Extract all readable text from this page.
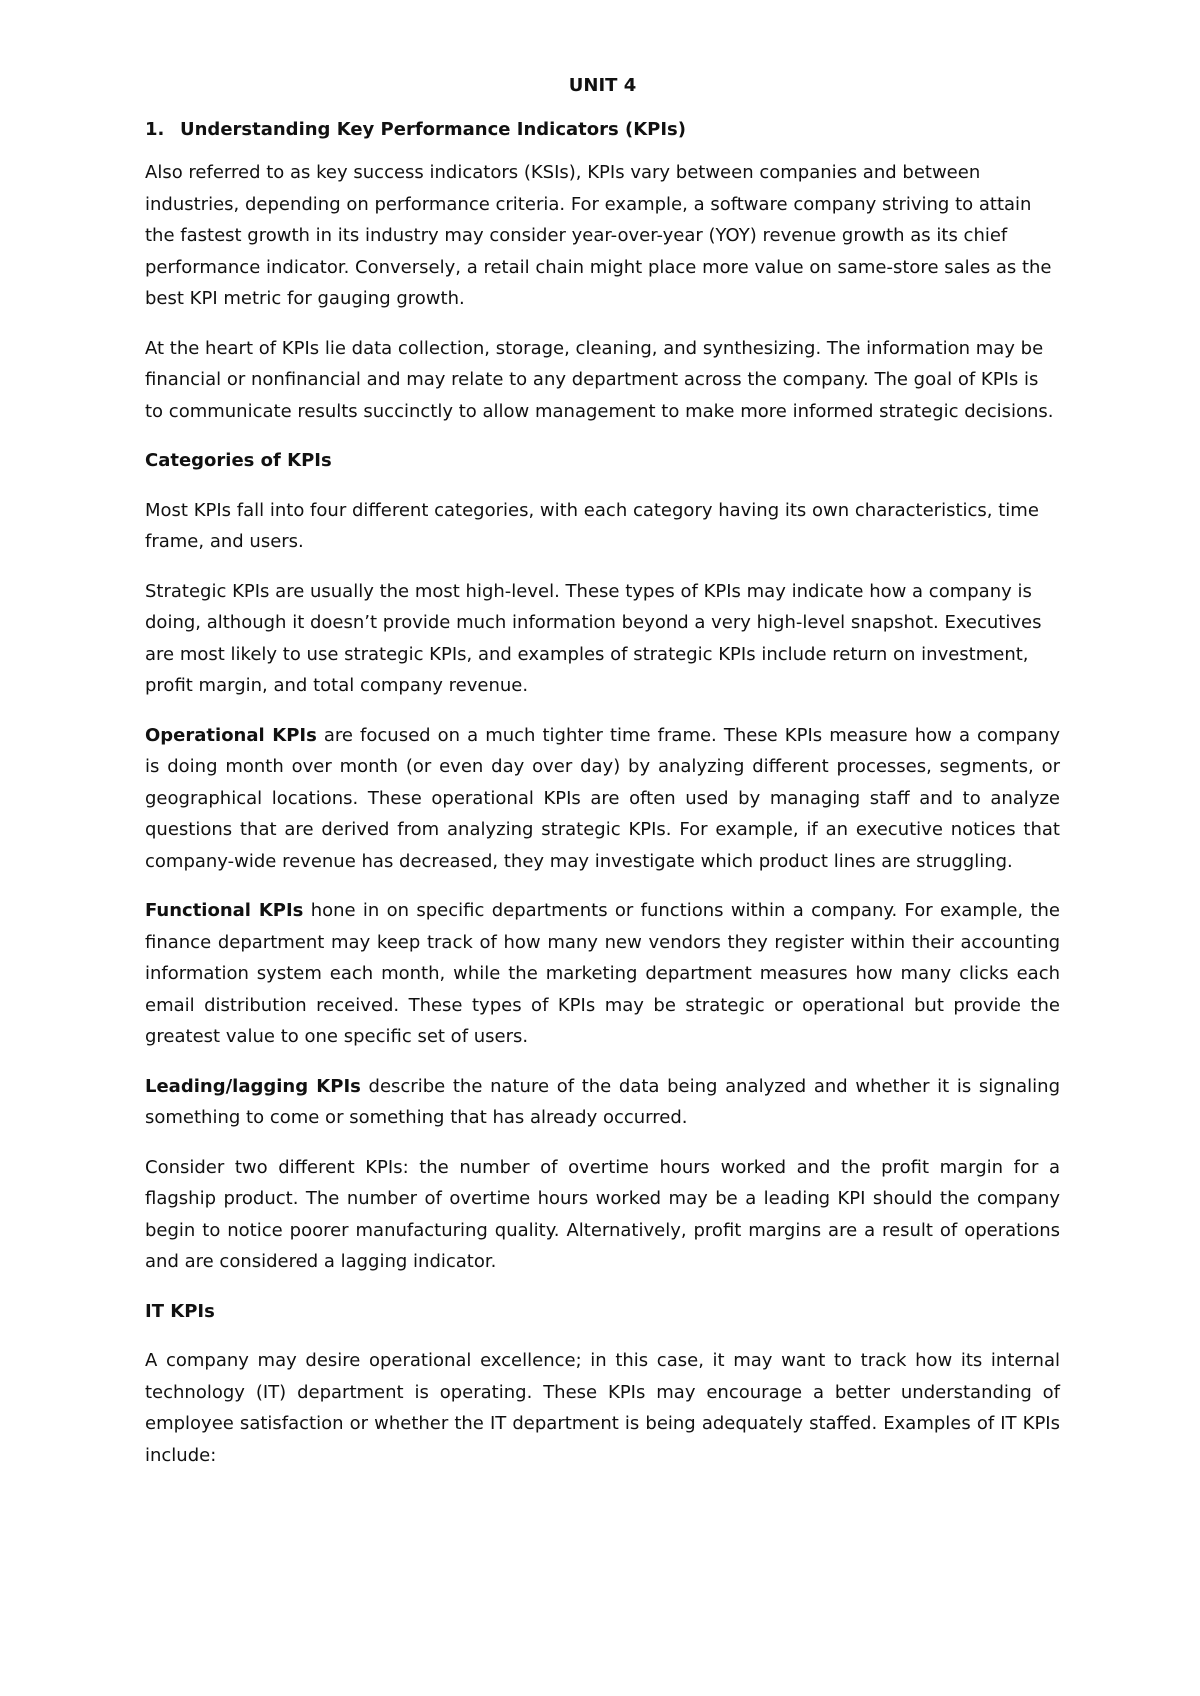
UNIT 4
1. Understanding Key Performance Indicators (KPIs)

Also referred to as key success indicators (KSIs), KPIs vary between companies and between industries, depending on performance criteria. For example, a software company striving to attain the fastest growth in its industry may consider year-over-year (YOY) revenue growth as its chief performance indicator. Conversely, a retail chain might place more value on same-store sales as the best KPI metric for gauging growth.

At the heart of KPIs lie data collection, storage, cleaning, and synthesizing. The information may be financial or nonfinancial and may relate to any department across the company. The goal of KPIs is to communicate results succinctly to allow management to make more informed strategic decisions.

Categories of KPIs

Most KPIs fall into four different categories, with each category having its own characteristics, time frame, and users.

Strategic KPIs are usually the most high-level. These types of KPIs may indicate how a company is doing, although it doesn’t provide much information beyond a very high-level snapshot. Executives are most likely to use strategic KPIs, and examples of strategic KPIs include return on investment, profit margin, and total company revenue.

Operational KPIs are focused on a much tighter time frame. These KPIs measure how a company is doing month over month (or even day over day) by analyzing different processes, segments, or geographical locations. These operational KPIs are often used by managing staff and to analyze questions that are derived from analyzing strategic KPIs. For example, if an executive notices that company-wide revenue has decreased, they may investigate which product lines are struggling.

Functional KPIs hone in on specific departments or functions within a company. For example, the finance department may keep track of how many new vendors they register within their accounting information system each month, while the marketing department measures how many clicks each email distribution received. These types of KPIs may be strategic or operational but provide the greatest value to one specific set of users.

Leading/lagging KPIs describe the nature of the data being analyzed and whether it is signaling something to come or something that has already occurred.

Consider two different KPIs: the number of overtime hours worked and the profit margin for a flagship product. The number of overtime hours worked may be a leading KPI should the company begin to notice poorer manufacturing quality. Alternatively, profit margins are a result of operations and are considered a lagging indicator.

IT KPIs

A company may desire operational excellence; in this case, it may want to track how its internal technology (IT) department is operating. These KPIs may encourage a better understanding of employee satisfaction or whether the IT department is being adequately staffed. Examples of IT KPIs include:
